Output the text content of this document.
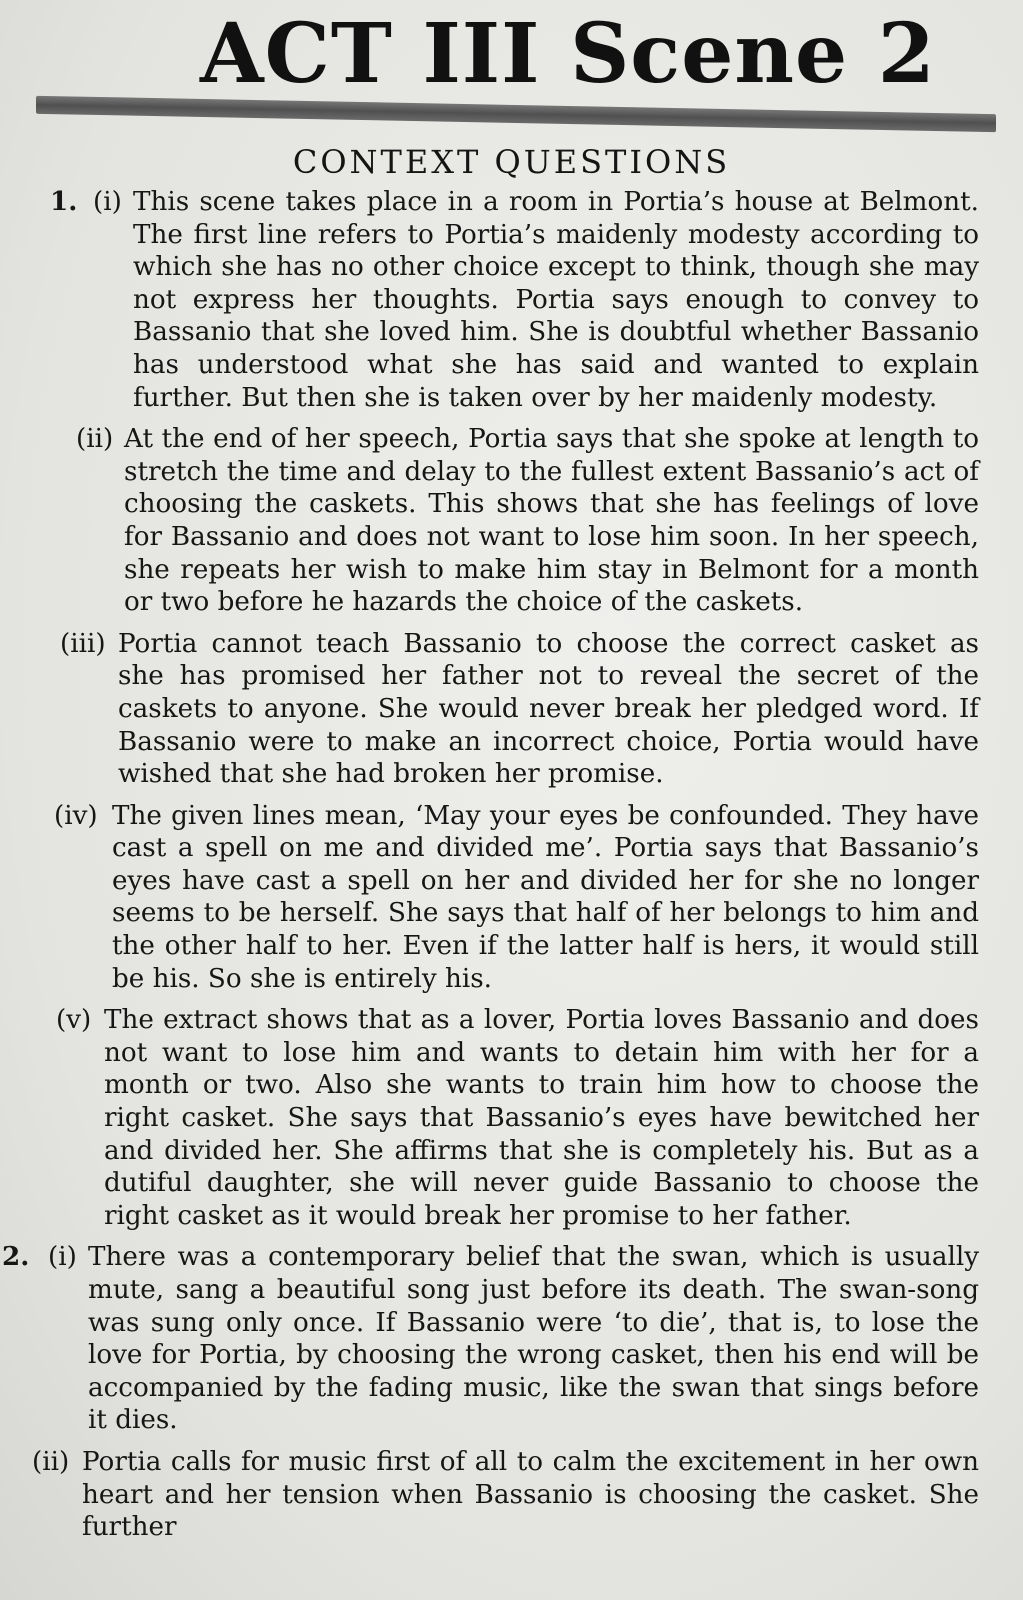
ACT III Scene 2
CONTEXT QUESTIONS
1. (i) This scene takes place in a room in Portia’s house at Belmont. The first line refers to Portia’s maidenly modesty according to which she has no other choice except to think, though she may not express her thoughts. Portia says enough to convey to Bassanio that she loved him. She is doubtful whether Bassanio has understood what she has said and wanted to explain further. But then she is taken over by her maidenly modesty.
(ii) At the end of her speech, Portia says that she spoke at length to stretch the time and delay to the fullest extent Bassanio’s act of choosing the caskets. This shows that she has feelings of love for Bassanio and does not want to lose him soon. In her speech, she repeats her wish to make him stay in Belmont for a month or two before he hazards the choice of the caskets.
(iii) Portia cannot teach Bassanio to choose the correct casket as she has promised her father not to reveal the secret of the caskets to anyone. She would never break her pledged word. If Bassanio were to make an incorrect choice, Portia would have wished that she had broken her promise.
(iv) The given lines mean, ‘May your eyes be confounded. They have cast a spell on me and divided me’. Portia says that Bassanio’s eyes have cast a spell on her and divided her for she no longer seems to be herself. She says that half of her belongs to him and the other half to her. Even if the latter half is hers, it would still be his. So she is entirely his.
(v) The extract shows that as a lover, Portia loves Bassanio and does not want to lose him and wants to detain him with her for a month or two. Also she wants to train him how to choose the right casket. She says that Bassanio’s eyes have bewitched her and divided her. She affirms that she is completely his. But as a dutiful daughter, she will never guide Bassanio to choose the right casket as it would break her promise to her father.
2. (i) There was a contemporary belief that the swan, which is usually mute, sang a beautiful song just before its death. The swan-song was sung only once. If Bassanio were ‘to die’, that is, to lose the love for Portia, by choosing the wrong casket, then his end will be accompanied by the fading music, like the swan that sings before it dies.
(ii) Portia calls for music first of all to calm the excitement in her own heart and her tension when Bassanio is choosing the casket. She further
